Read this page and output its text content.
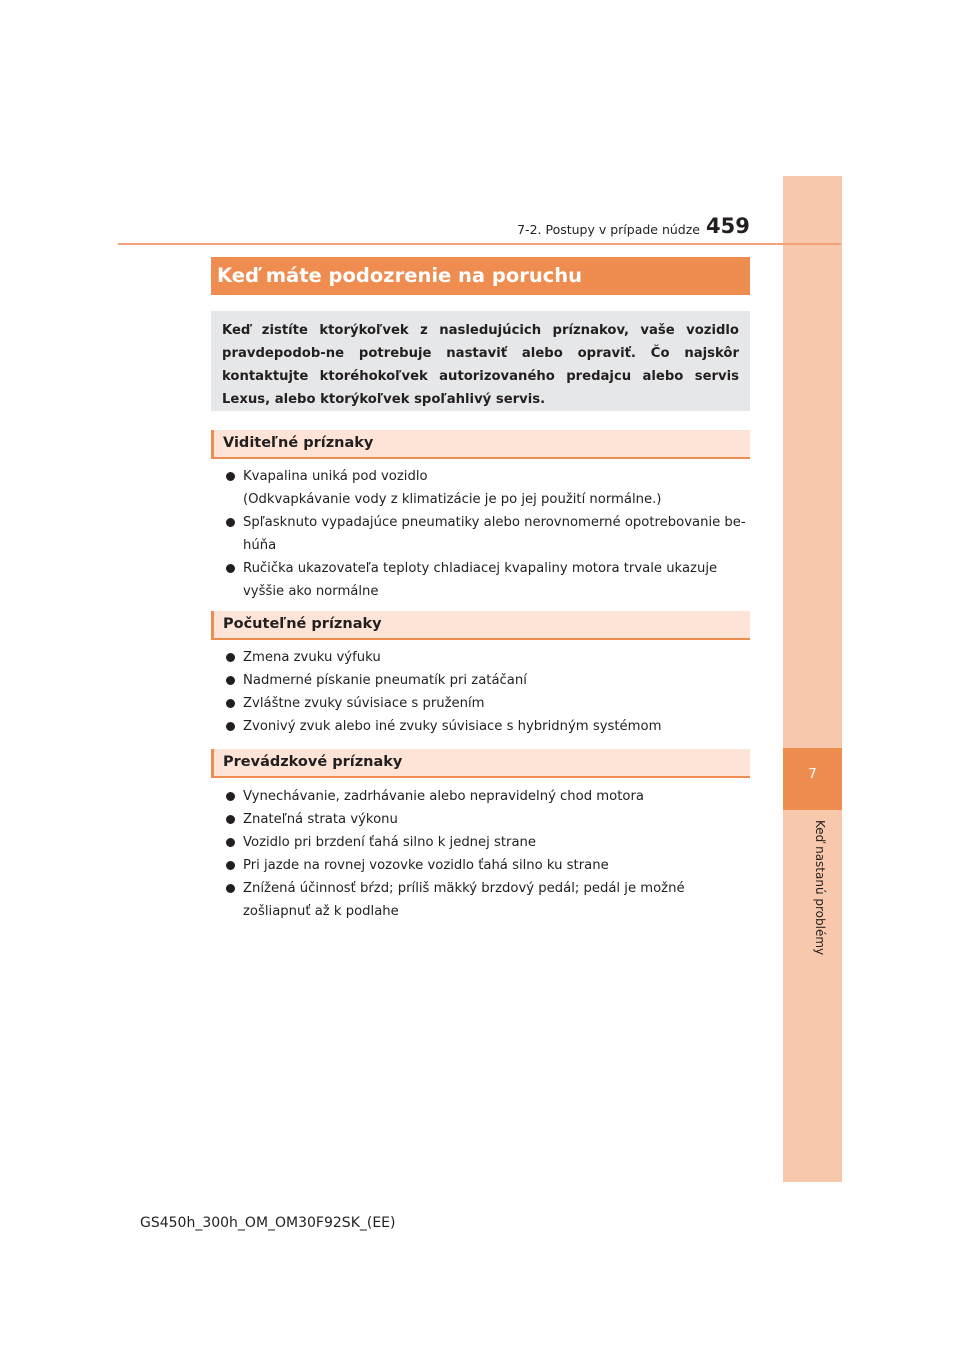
7
Keď nastanú problémy
7-2. Postupy v prípade núdze 459
Keď máte podozrenie na poruchu
Keď zistíte ktorýkoľvek z nasledujúcich príznakov, vaše vozidlo pravdepodob-ne potrebuje nastaviť alebo opraviť. Čo najskôr kontaktujte ktoréhokoľvek autorizovaného predajcu alebo servis Lexus, alebo ktorýkoľvek spoľahlivý servis.
Viditeľné príznaky
Kvapalina uniká pod vozidlo
(Odkvapkávanie vody z klimatizácie je po jej použití normálne.)
Spľasknuto vypadajúce pneumatiky alebo nerovnomerné opotrebovanie be-húňa
Ručička ukazovateľa teploty chladiacej kvapaliny motora trvale ukazuje vyššie ako normálne
Počuteľné príznaky
Zmena zvuku výfuku
Nadmerné pískanie pneumatík pri zatáčaní
Zvláštne zvuky súvisiace s pružením
Zvonivý zvuk alebo iné zvuky súvisiace s hybridným systémom
Prevádzkové príznaky
Vynechávanie, zadrhávanie alebo nepravidelný chod motora
Znateľná strata výkonu
Vozidlo pri brzdení ťahá silno k jednej strane
Pri jazde na rovnej vozovke vozidlo ťahá silno ku strane
Znížená účinnosť bŕzd; príliš mäkký brzdový pedál; pedál je možné zošliapnuť až k podlahe
GS450h_300h_OM_OM30F92SK_(EE)
